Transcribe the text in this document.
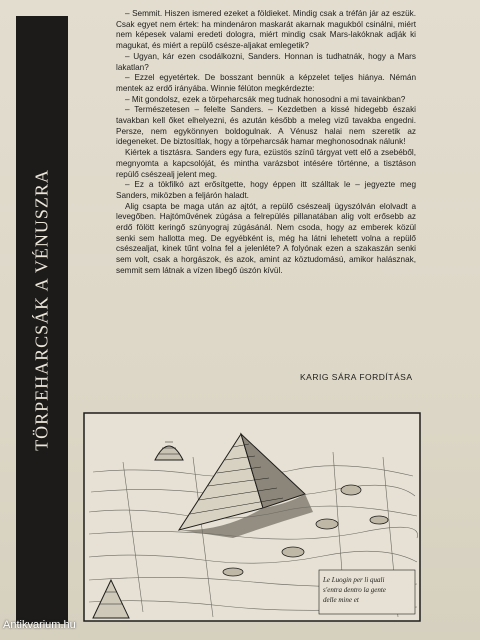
TÖRPEHARCSÁK A VÉNUSZRA

– Semmit. Hiszen ismered ezeket a földieket. Mindig csak a tréfán jár az eszük. Csak egyet nem értek: ha mindenáron maskarát akarnak magukból csinálni, miért nem képesek valami eredeti dologra, miért mindig csak Mars-lakóknak adják ki magukat, és miért a repülő csésze-aljakat emlegetik?

– Ugyan, kár ezen csodálkozni, Sanders. Honnan is tudhatnák, hogy a Mars lakatlan?

– Ezzel egyetértek. De bosszant bennük a képzelet teljes hiánya. Némán mentek az erdő irányába. Winnie félúton megkérdezte:

– Mit gondolsz, ezek a törpeharcsák meg tudnak honosodni a mi tavainkban?

– Természetesen – felelte Sanders. – Kezdetben a kissé hidegebb északi tavakban kell őket elhelyezni, és azután később a meleg vizű tavakba engedni. Persze, nem egykönnyen boldogulnak. A Vénusz halai nem szeretik az idegeneket. De biztosítlak, hogy a törpeharcsák hamar meghonosodnak nálunk!

Kiértek a tisztásra. Sanders egy fura, ezüstös színű tárgyat vett elő a zsebéből, megnyomta a kapcsolóját, és mintha varázsbot intésére történne, a tisztáson repülő csészealj jelent meg.

– Ez a tökfilkó azt erősítgette, hogy éppen itt szálltak le – jegyezte meg Sanders, miközben a feljárón haladt.

Alig csapta be maga után az ajtót, a repülő csészealj ügyszólván elolvadt a levegőben. Hajtóművének zúgása a felrepülés pillanatában alig volt erősebb az erdő fölött keringő szúnyograj zúgásánál. Nem csoda, hogy az emberek közül senki sem hallotta meg. De egyébként is, még ha látni lehetett volna a repülő csészealjat, kinek tűnt volna fel a jelenléte? A folyónak ezen a szakaszán senki sem volt, csak a horgászok, és azok, amint az köztudomású, amikor halásznak, semmit sem látnak a vízen libegő úszón kívül.

KARIG SÁRA FORDÍTÁSA
Le Luogin per li quali
s'entra dentro la gente
delle mine et
Antikvarium.hu
